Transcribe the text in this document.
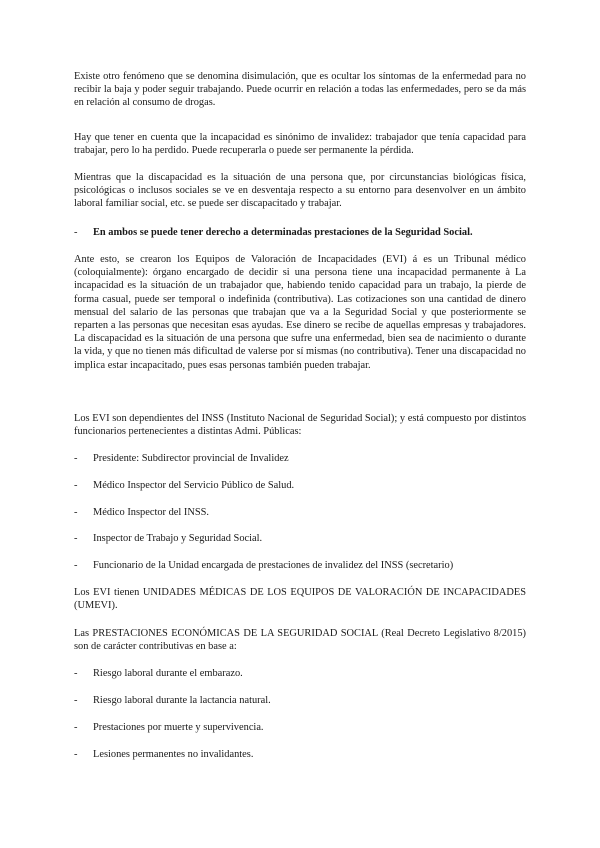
Existe otro fenómeno que se denomina disimulación, que es ocultar los síntomas de la enfermedad para no recibir la baja y poder seguir trabajando. Puede ocurrir en relación a todas las enfermedades, pero se da más en relación al consumo de drogas.

Hay que tener en cuenta que la incapacidad es sinónimo de invalidez: trabajador que tenía capacidad para trabajar, pero lo ha perdido. Puede recuperarla o puede ser permanente la pérdida.

Mientras que la discapacidad es la situación de una persona que, por circunstancias biológicas física, psicológicas o inclusos sociales se ve en desventaja respecto a su entorno para desenvolver en un ámbito laboral familiar social, etc. se puede ser discapacitado y trabajar.

- En ambos se puede tener derecho a determinadas prestaciones de la Seguridad Social.

Ante esto, se crearon los Equipos de Valoración de Incapacidades (EVI) á es un Tribunal médico (coloquialmente): órgano encargado de decidir si una persona tiene una incapacidad permanente à La incapacidad es la situación de un trabajador que, habiendo tenido capacidad para un trabajo, la pierde de forma casual, puede ser temporal o indefinida (contributiva). Las cotizaciones son una cantidad de dinero mensual del salario de las personas que trabajan que va a la Seguridad Social y que posteriormente se reparten a las personas que necesitan esas ayudas. Ese dinero se recibe de aquellas empresas y trabajadores. La discapacidad es la situación de una persona que sufre una enfermedad, bien sea de nacimiento o durante la vida, y que no tienen más dificultad de valerse por sí mismas (no contributiva). Tener una discapacidad no implica estar incapacitado, pues esas personas también pueden trabajar.

Los EVI son dependientes del INSS (Instituto Nacional de Seguridad Social); y está compuesto por distintos funcionarios pertenecientes a distintas Admi. Públicas:

- Presidente: Subdirector provincial de Invalidez
- Médico Inspector del Servicio Público de Salud.
- Médico Inspector del INSS.
- Inspector de Trabajo y Seguridad Social.
- Funcionario de la Unidad encargada de prestaciones de invalidez del INSS (secretario)

Los EVI tienen UNIDADES MÉDICAS DE LOS EQUIPOS DE VALORACIÓN DE INCAPACIDADES (UMEVI).

Las PRESTACIONES ECONÓMICAS DE LA SEGURIDAD SOCIAL (Real Decreto Legislativo 8/2015) son de carácter contributivas en base a:

- Riesgo laboral durante el embarazo.
- Riesgo laboral durante la lactancia natural.
- Prestaciones por muerte y supervivencia.
- Lesiones permanentes no invalidantes.
